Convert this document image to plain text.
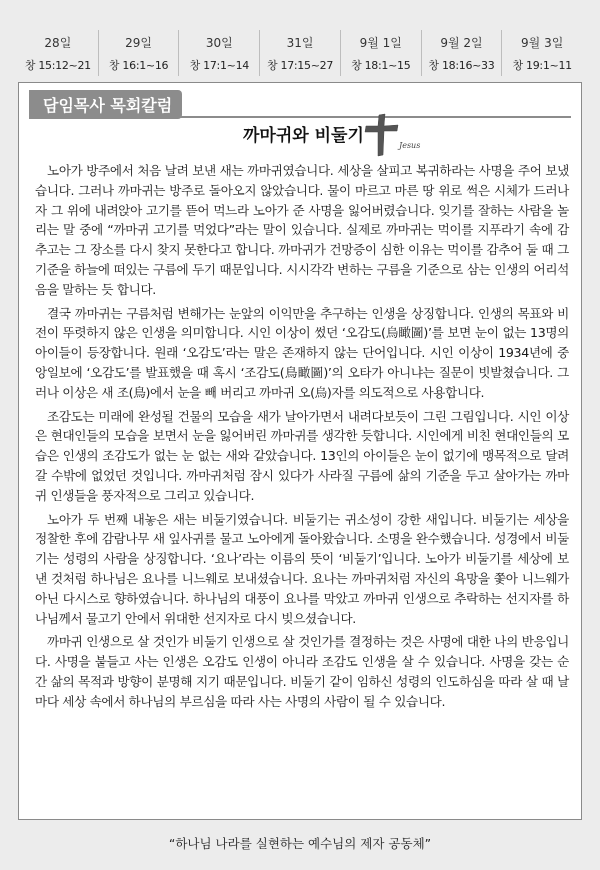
28일
창 15:12~21
29일
창 16:1~16
30일
창 17:1~14
31일
창 17:15~27
9월 1일
창 18:1~15
9월 2일
창 18:16~33
9월 3일
창 19:1~11
담임목사 목회칼럼
까마귀와 비둘기	Jesus

노아가 방주에서 처음 날려 보낸 새는 까마귀였습니다. 세상을 살피고 복귀하라는 사명을 주어 보냈습니다. 그러나 까마귀는 방주로 돌아오지 않았습니다. 물이 마르고 마른 땅 위로 썩은 시체가 드러나자 그 위에 내려앉아 고기를 뜯어 먹느라 노아가 준 사명을 잃어버렸습니다. 잊기를 잘하는 사람을 놀리는 말 중에 “까마귀 고기를 먹었다”라는 말이 있습니다. 실제로 까마귀는 먹이를 지푸라기 속에 감추고는 그 장소를 다시 찾지 못한다고 합니다. 까마귀가 건망증이 심한 이유는 먹이를 감추어 둘 때 그 기준을 하늘에 떠있는 구름에 두기 때문입니다. 시시각각 변하는 구름을 기준으로 삼는 인생의 어리석음을 말하는 듯 합니다.

결국 까마귀는 구름처럼 변해가는 눈앞의 이익만을 추구하는 인생을 상징합니다. 인생의 목표와 비전이 뚜렷하지 않은 인생을 의미합니다. 시인 이상이 썼던 ‘오감도(烏瞰圖)’를 보면 눈이 없는 13명의 아이들이 등장합니다. 원래 ‘오감도’라는 말은 존재하지 않는 단어입니다. 시인 이상이 1934년에 중앙일보에 ‘오감도’를 발표했을 때 혹시 ‘조감도(鳥瞰圖)’의 오타가 아니냐는 질문이 빗발쳤습니다. 그러나 이상은 새 조(鳥)에서 눈을 빼 버리고 까마귀 오(烏)자를 의도적으로 사용합니다.

조감도는 미래에 완성될 건물의 모습을 새가 날아가면서 내려다보듯이 그린 그림입니다. 시인 이상은 현대인들의 모습을 보면서 눈을 잃어버린 까마귀를 생각한 듯합니다. 시인에게 비친 현대인들의 모습은 인생의 조감도가 없는 눈 없는 새와 같았습니다. 13인의 아이들은 눈이 없기에 맹목적으로 달려갈 수밖에 없었던 것입니다. 까마귀처럼 잠시 있다가 사라질 구름에 삶의 기준을 두고 살아가는 까마귀 인생들을 풍자적으로 그리고 있습니다.

노아가 두 번째 내놓은 새는 비둘기였습니다. 비둘기는 귀소성이 강한 새입니다. 비둘기는 세상을 정찰한 후에 감람나무 새 잎사귀를 물고 노아에게 돌아왔습니다. 소명을 완수했습니다. 성경에서 비둘기는 성령의 사람을 상징합니다. ‘요나’라는 이름의 뜻이 ‘비둘기’입니다. 노아가 비둘기를 세상에 보낸 것처럼 하나님은 요나를 니느웨로 보내셨습니다. 요나는 까마귀처럼 자신의 욕망을 쫓아 니느웨가 아닌 다시스로 향하였습니다. 하나님의 대풍이 요나를 막았고 까마귀 인생으로 추락하는 선지자를 하나님께서 물고기 안에서 위대한 선지자로 다시 빚으셨습니다.

까마귀 인생으로 살 것인가 비둘기 인생으로 살 것인가를 결정하는 것은 사명에 대한 나의 반응입니다. 사명을 붙들고 사는 인생은 오감도 인생이 아니라 조감도 인생을 살 수 있습니다. 사명을 갖는 순간 삶의 목적과 방향이 분명해 지기 때문입니다. 비둘기 같이 임하신 성령의 인도하심을 따라 살 때 날마다 세상 속에서 하나님의 부르심을 따라 사는 사명의 사람이 될 수 있습니다.

“하나님 나라를 실현하는 예수님의 제자 공동체”
